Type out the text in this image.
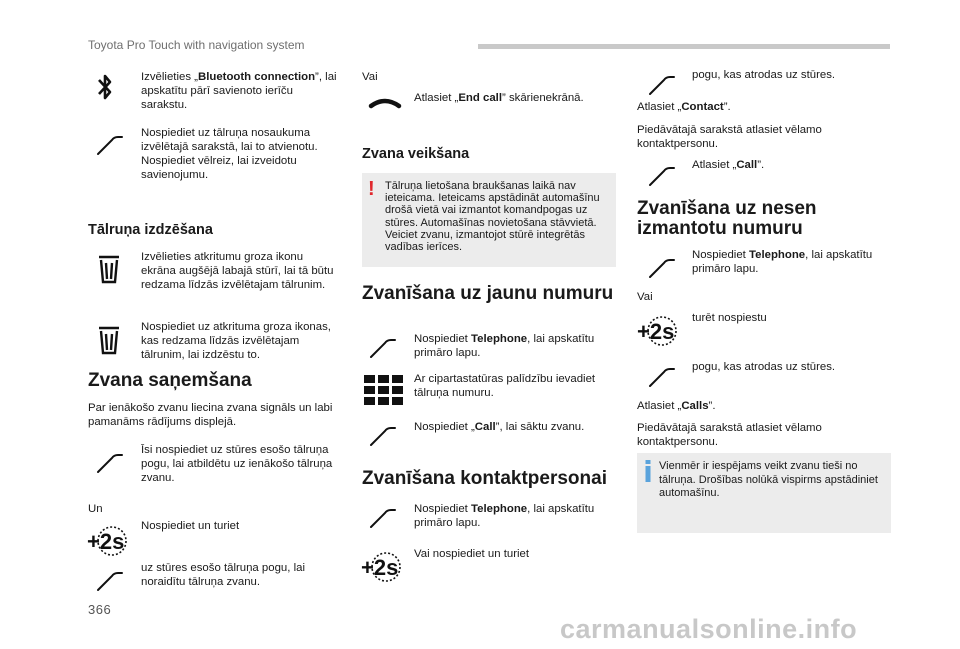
Toyota Pro Touch with navigation system
Izvēlieties „Bluetooth connection”, lai apskatītu pārī savienoto ierīču sarakstu.
Nospiediet uz tālruņa nosaukuma izvēlētajā sarakstā, lai to atvienotu. Nospiediet vēlreiz, lai izveidotu savienojumu.
Tālruņa izdzēšana
Izvēlieties atkritumu groza ikonu ekrāna augšējā labajā stūrī, lai tā būtu redzama līdzās izvēlētajam tālrunim.
Nospiediet uz atkrituma groza ikonas, kas redzama līdzās izvēlētajam tālrunim, lai izdzēstu to.
Zvana saņemšana
Par ienākošo zvanu liecina zvana signāls un labi pamanāms rādījums displejā.
Īsi nospiediet uz stūres esošo tālruņa pogu, lai atbildētu uz ienākošo tālruņa zvanu.
Un
+2s
Nospiediet un turiet
uz stūres esošo tālruņa pogu, lai noraidītu tālruņa zvanu.
Vai
Atlasiet „End call” skārienekrānā.
Zvana veikšana
! Tālruņa lietošana braukšanas laikā nav ieteicama. Ieteicams apstādināt automašīnu drošā vietā vai izmantot komandpogas uz stūres. Automašīnas novietošana stāvvietā. Veiciet zvanu, izmantojot stūrē integrētās vadības ierīces.
Zvanīšana uz jaunu numuru
Nospiediet Telephone, lai apskatītu primāro lapu.
Ar cipartastatūras palīdzību ievadiet tālruņa numuru.
Nospiediet „Call”, lai sāktu zvanu.
Zvanīšana kontaktpersonai
Nospiediet Telephone, lai apskatītu primāro lapu.
+2s
Vai nospiediet un turiet
pogu, kas atrodas uz stūres.
Atlasiet „Contact”.
Piedāvātajā sarakstā atlasiet vēlamo kontaktpersonu.
Atlasiet „Call”.
Zvanīšana uz nesen izmantotu numuru
Nospiediet Telephone, lai apskatītu primāro lapu.
Vai
+2s
turēt nospiestu
pogu, kas atrodas uz stūres.
Atlasiet „Calls”.
Piedāvātajā sarakstā atlasiet vēlamo kontaktpersonu.
Vienmēr ir iespējams veikt zvanu tieši no tālruņa. Drošības nolūkā vispirms apstādiniet automašīnu.
366
carmanualsonline.info
